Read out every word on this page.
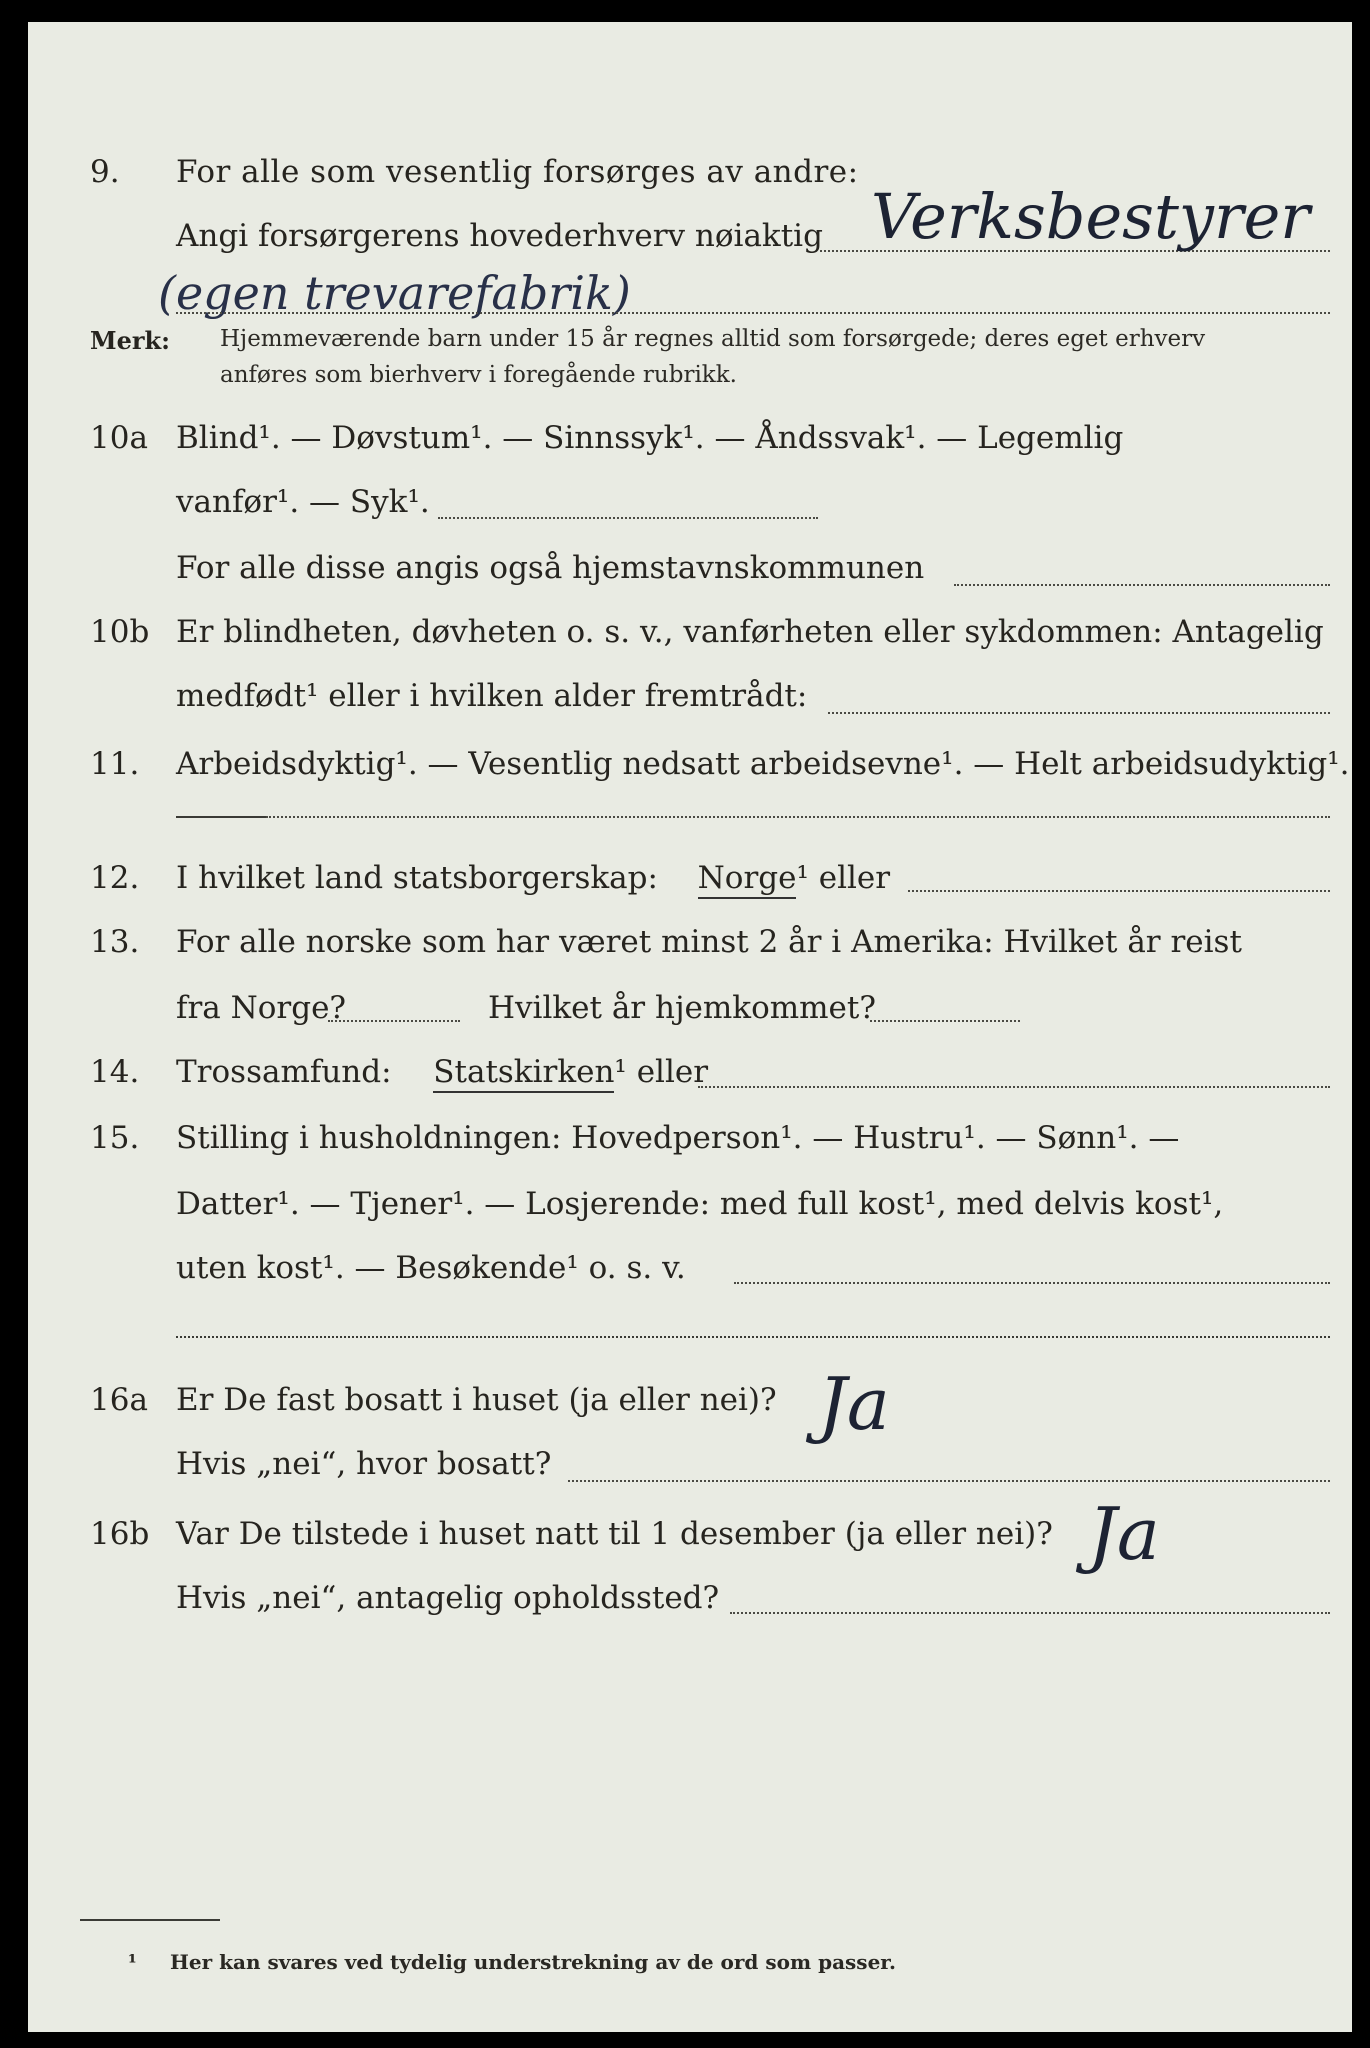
9. For alle som vesentlig forsørges av andre:
Angi forsørgerens hovederhverv nøiaktig Verksbestyrer
(egen trevarefabrik)
Merk: Hjemmeværende barn under 15 år regnes alltid som forsørgede; deres eget erhverv
anføres som bierhverv i foregående rubrikk.
10a Blind¹. — Døvstum¹. — Sinnssyk¹. — Åndssvak¹. — Legemlig
vanfør¹. — Syk¹.
For alle disse angis også hjemstavnskommunen
10b Er blindheten, døvheten o. s. v., vanførheten eller sykdommen: Antagelig
medfødt¹ eller i hvilken alder fremtrådt:
11. Arbeidsdyktig¹. — Vesentlig nedsatt arbeidsevne¹. — Helt arbeidsudyktig¹.
12. I hvilket land statsborgerskap: Norge¹ eller
13. For alle norske som har været minst 2 år i Amerika: Hvilket år reist
fra Norge?	Hvilket år hjemkommet?
14. Trossamfund: Statskirken¹ eller
15. Stilling i husholdningen: Hovedperson¹. — Hustru¹. — Sønn¹. —
Datter¹. — Tjener¹. — Losjerende: med full kost¹, med delvis kost¹,
uten kost¹. — Besøkende¹ o. s. v.
16a Er De fast bosatt i huset (ja eller nei)? Ja
Hvis „nei“, hvor bosatt?
16b Var De tilstede i huset natt til 1 desember (ja eller nei)? Ja
Hvis „nei“, antagelig opholdssted?
¹ Her kan svares ved tydelig understrekning av de ord som passer.
